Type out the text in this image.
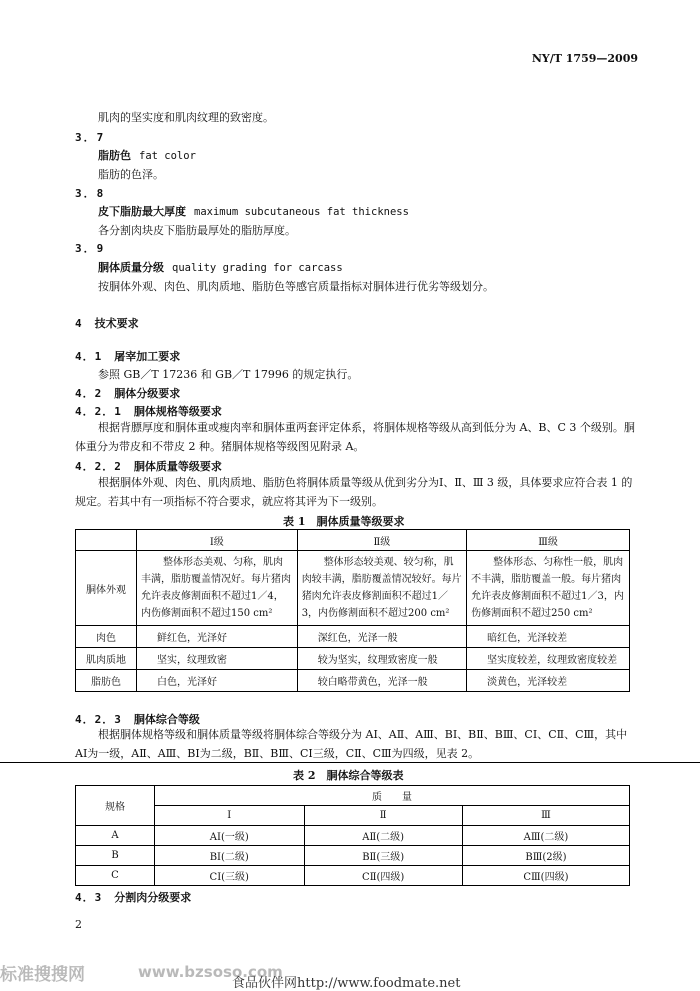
NY/T 1759—2009
肌肉的坚实度和肌肉纹理的致密度。
3．7
脂肪色 fat color
脂肪的色泽。
3．8
皮下脂肪最大厚度 maximum subcutaneous fat thickness
各分割肉块皮下脂肪最厚处的脂肪厚度。
3．9
胴体质量分级 quality grading for carcass
按胴体外观、肉色、肌肉质地、脂肪色等感官质量指标对胴体进行优劣等级划分。
4 技术要求
4．1 屠宰加工要求
参照 GB／T 17236 和 GB／T 17996 的规定执行。
4．2 胴体分级要求
4．2．1 胴体规格等级要求
根据背膘厚度和胴体重或瘦肉率和胴体重两套评定体系，将胴体规格等级从高到低分为 A、B、C 3 个级别。胴体重分为带皮和不带皮 2 种。猪胴体规格等级图见附录 A。
4．2．2 胴体质量等级要求
根据胴体外观、肉色、肌肉质地、脂肪色将胴体质量等级从优到劣分为Ⅰ、Ⅱ、Ⅲ 3 级，具体要求应符合表 1 的规定。若其中有一项指标不符合要求，就应将其评为下一级别。
表 1　胴体质量等级要求
	Ⅰ级	Ⅱ级	Ⅲ级
胴体外观	整体形态美观、匀称，肌肉丰满，脂肪覆盖情况好。每片猪肉允许表皮修割面积不超过1／4，内伤修割面积不超过150 cm²	整体形态较美观、较匀称，肌肉较丰满，脂肪覆盖情况较好。每片猪肉允许表皮修割面积不超过1／3，内伤修割面积不超过200 cm²	整体形态、匀称性一般，肌肉不丰满，脂肪覆盖一般。每片猪肉允许表皮修割面积不超过1／3，内伤修割面积不超过250 cm²

肉色	鲜红色，光泽好	深红色，光泽一般	暗红色，光泽较差
肌肉质地	坚实，纹理致密	较为坚实，纹理致密度一般	坚实度较差，纹理致密度较差
脂肪色	白色，光泽好	较白略带黄色，光泽一般	淡黄色，光泽较差
4．2．3 胴体综合等级
根据胴体规格等级和胴体质量等级将胴体综合等级分为 AⅠ、AⅡ、AⅢ、BⅠ、BⅡ、BⅢ、CⅠ、CⅡ、CⅢ，其中 AⅠ为一级，AⅡ、AⅢ、BⅠ为二级，BⅡ、BⅢ、CⅠ三级，CⅡ、CⅢ为四级，见表 2。
表 2　胴体综合等级表
规格	质　　量		
	Ⅰ	Ⅱ	Ⅲ
A	AⅠ(一级)	AⅡ(二级)	AⅢ(二级)
B	BⅠ(二级)	BⅡ(三级)	BⅢ(2级)
C	CⅠ(三级)	CⅡ(四级)	CⅢ(四级)
4．3 分割肉分级要求
2
标准搜搜网	www.bzsoso.com
食品伙伴网http://www.foodmate.net
